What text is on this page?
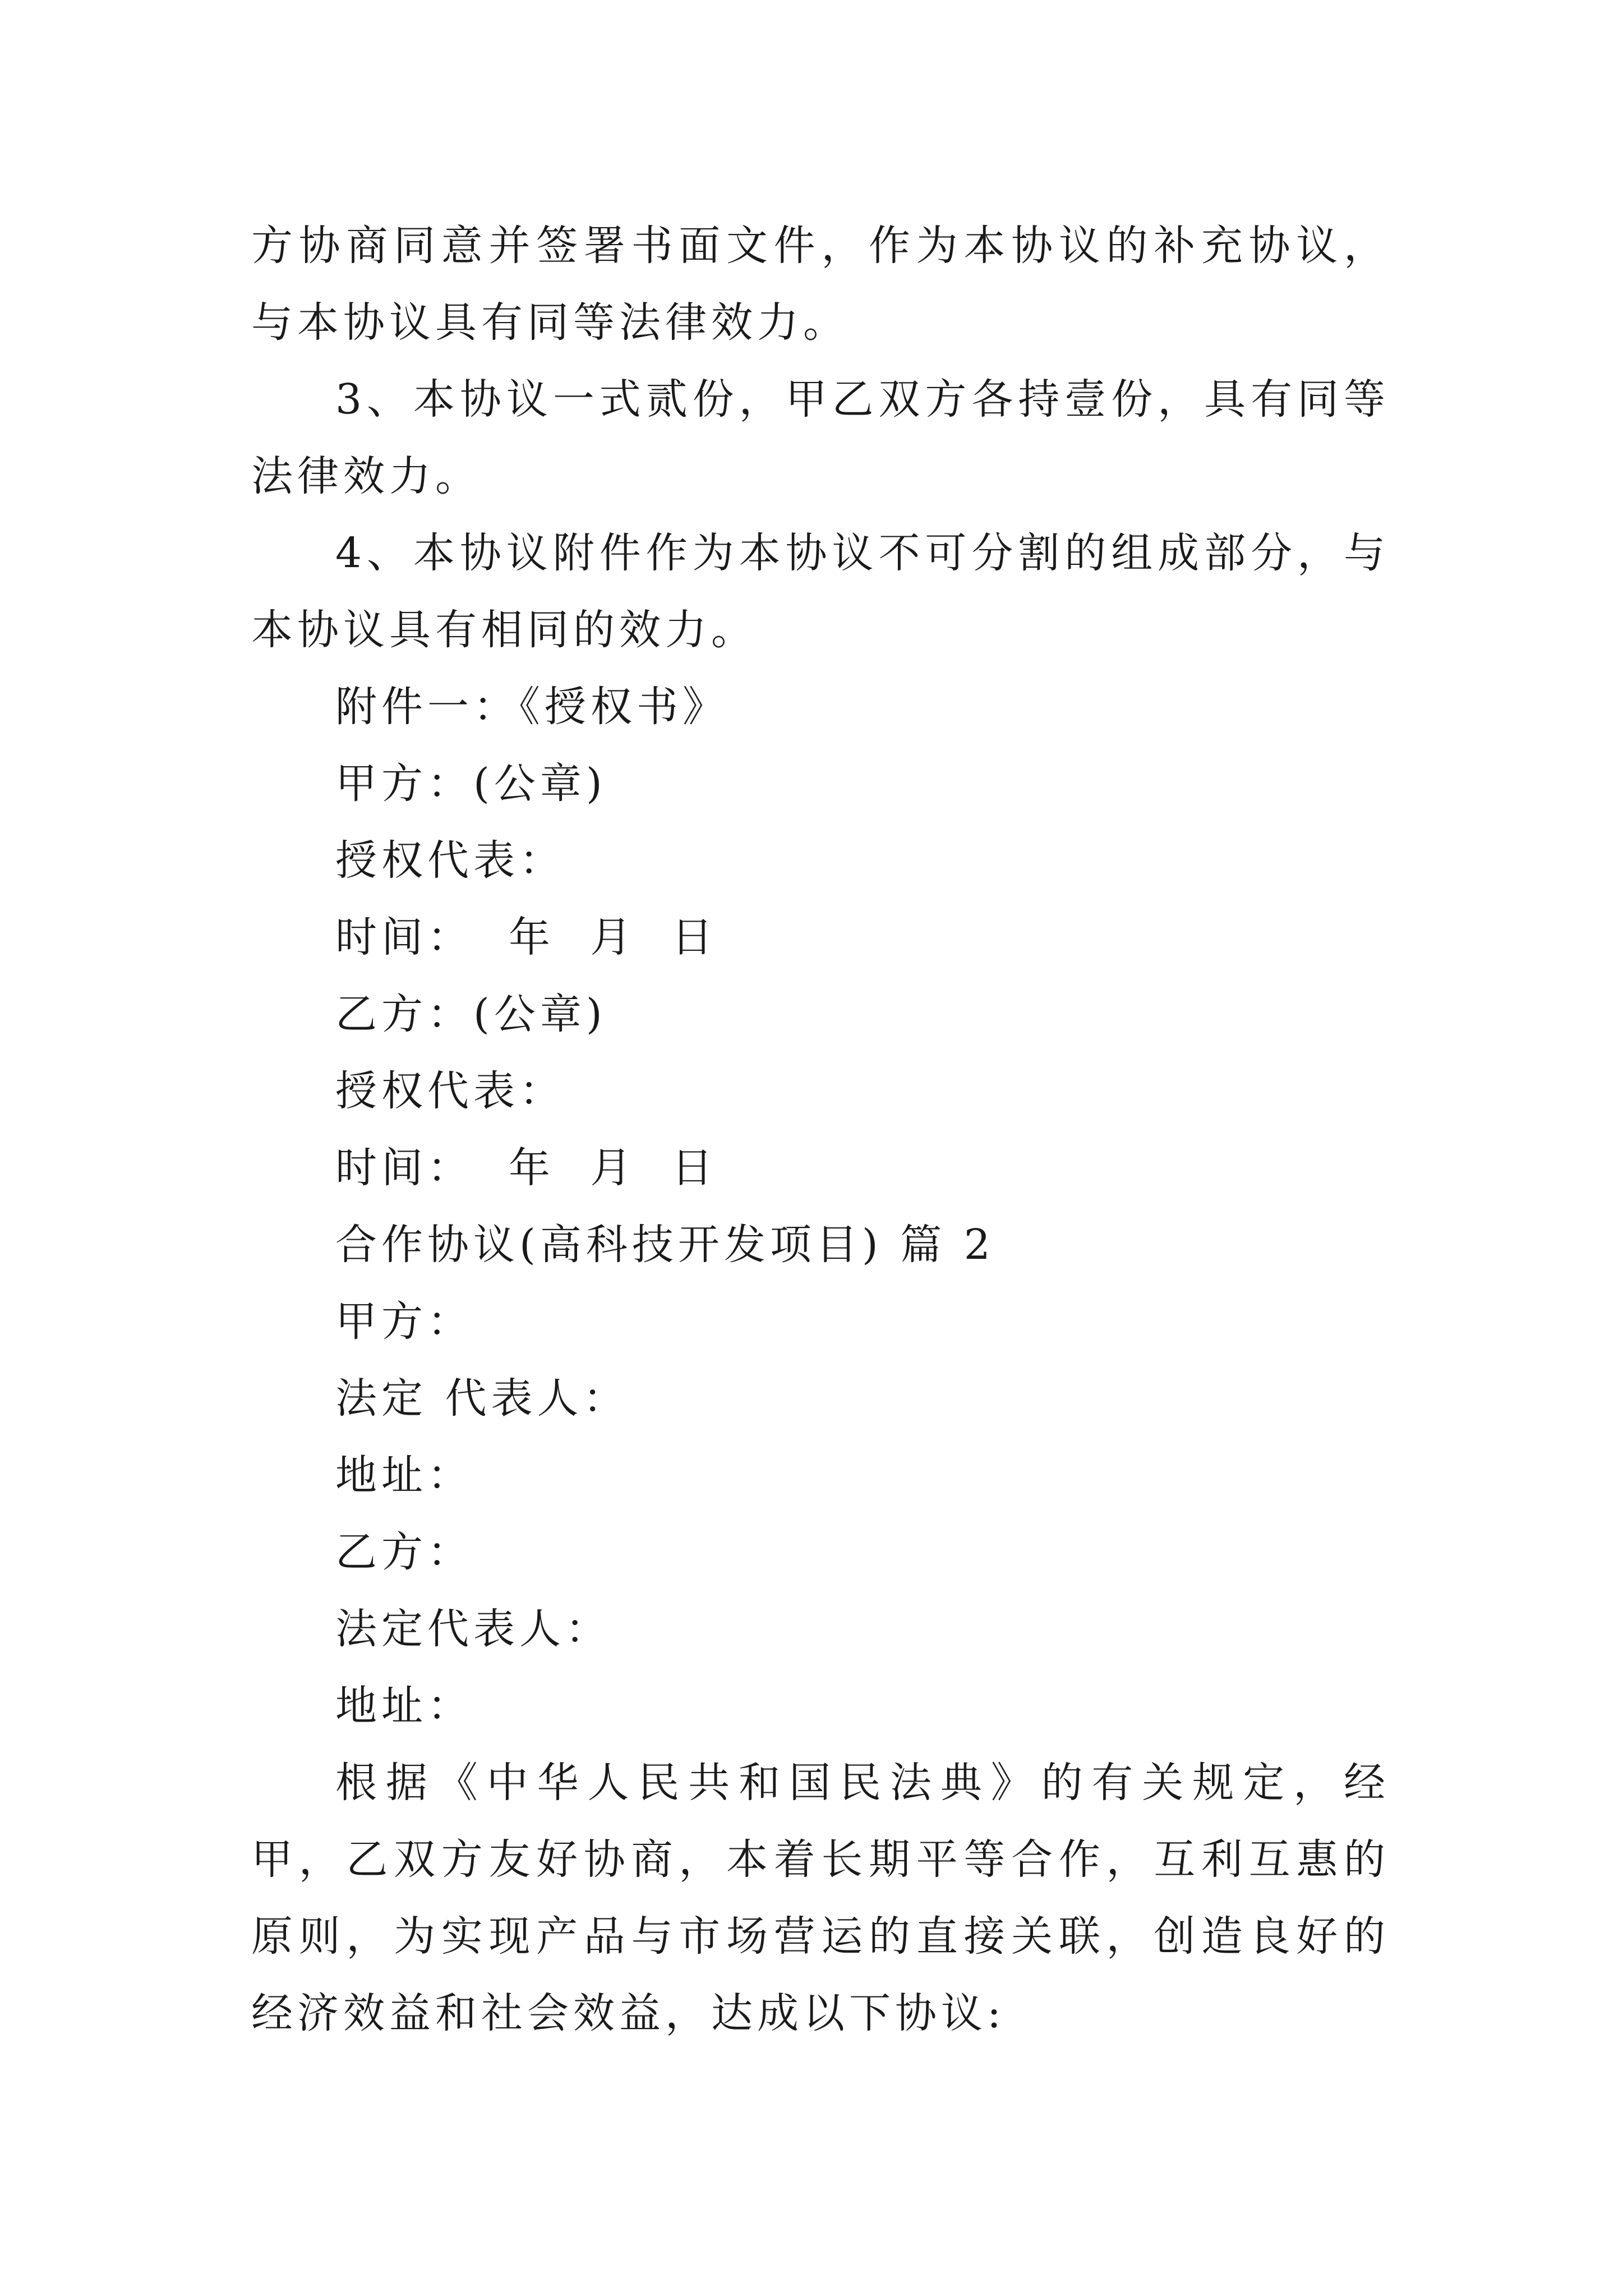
方协商同意并签署书面文件，作为本协议的补充协议，与本协议具有同等法律效力。

3、本协议一式贰份，甲乙双方各持壹份，具有同等法律效力。

4、本协议附件作为本协议不可分割的组成部分，与本协议具有相同的效力。

附件一：《授权书》

甲方：(公章)

授权代表：

时间：  年  月  日

乙方：(公章)

授权代表：

时间：  年  月  日

合作协议(高科技开发项目) 篇 2

甲方：

法定 代表人：

地址：

乙方：

法定代表人：

地址：

根据《中华人民共和国民法典》的有关规定，经甲，乙双方友好协商，本着长期平等合作，互利互惠的原则，为实现产品与市场营运的直接关联，创造良好的经济效益和社会效益，达成以下协议:
